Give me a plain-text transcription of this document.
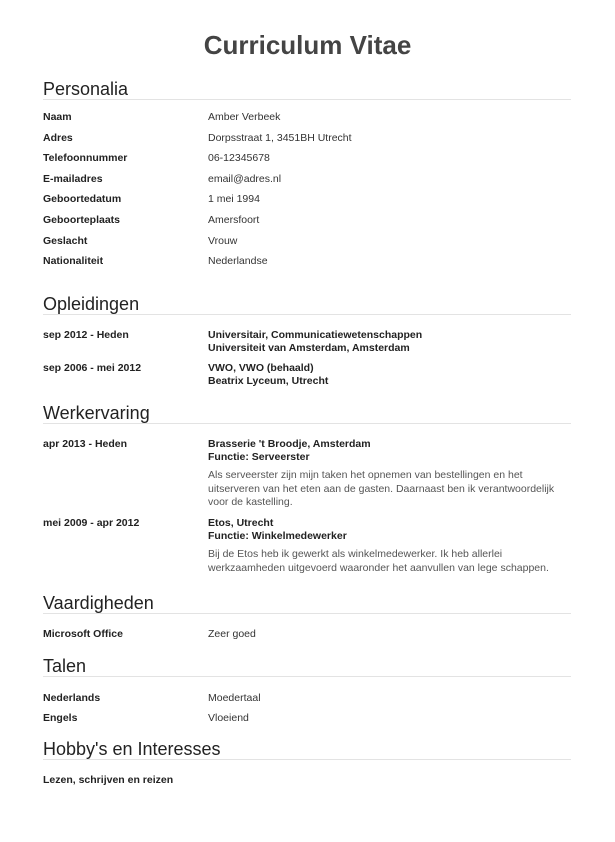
Curriculum Vitae
Personalia
Naam	Amber Verbeek
Adres	Dorpsstraat 1, 3451BH Utrecht
Telefoonnummer	06-12345678
E-mailadres	email@adres.nl
Geboortedatum	1 mei 1994
Geboorteplaats	Amersfoort
Geslacht	Vrouw
Nationaliteit	Nederlandse
Opleidingen
sep 2012 - Heden	Universitair, Communicatiewetenschappen
Universiteit van Amsterdam, Amsterdam
sep 2006 - mei 2012	VWO, VWO (behaald)
Beatrix Lyceum, Utrecht
Werkervaring
apr 2013 - Heden	Brasserie 't Broodje, Amsterdam
Functie: Serveerster
Als serveerster zijn mijn taken het opnemen van bestellingen en het uitserveren van het eten aan de gasten. Daarnaast ben ik verantwoordelijk voor de kastelling.
mei 2009 - apr 2012	Etos, Utrecht
Functie: Winkelmedewerker
Bij de Etos heb ik gewerkt als winkelmedewerker. Ik heb allerlei werkzaamheden uitgevoerd waaronder het aanvullen van lege schappen.
Vaardigheden
Microsoft Office	Zeer goed
Talen
Nederlands	Moedertaal
Engels	Vloeiend
Hobby's en Interesses
Lezen, schrijven en reizen
